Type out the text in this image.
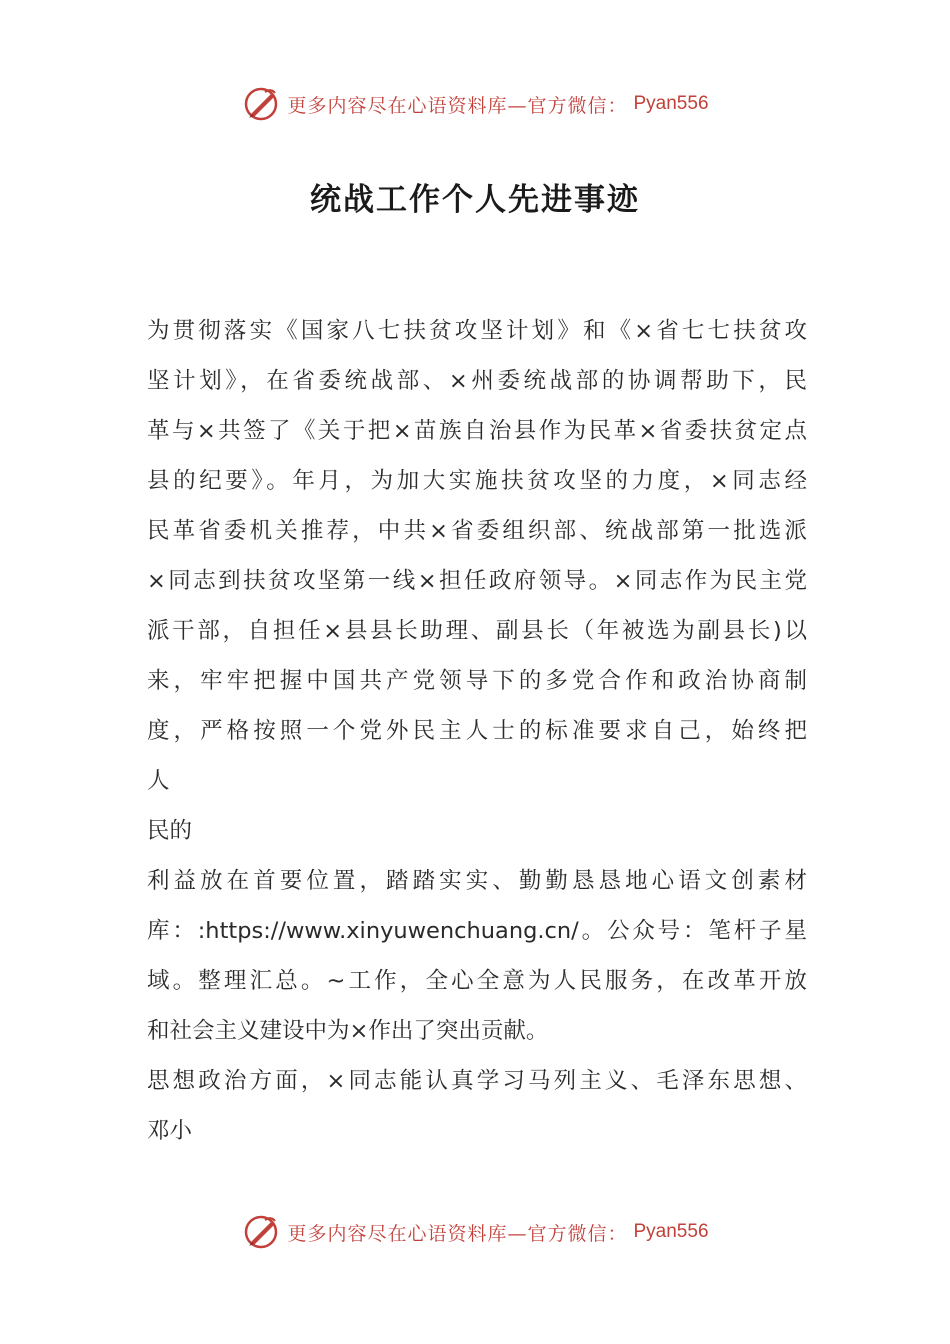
更多内容尽在心语资料库—官方微信： Pyan556
统战工作个人先进事迹
为贯彻落实《国家八七扶贫攻坚计划》和《×省七七扶贫攻
坚计划》，在省委统战部、×州委统战部的协调帮助下，民
革与×共签了《关于把×苗族自治县作为民革×省委扶贫定点
县的纪要》。年月，为加大实施扶贫攻坚的力度，×同志经
民革省委机关推荐，中共×省委组织部、统战部第一批选派
×同志到扶贫攻坚第一线×担任政府领导。×同志作为民主党
派干部，自担任×县县长助理、副县长（年被选为副县长)以
来，牢牢把握中国共产党领导下的多党合作和政治协商制
度，严格按照一个党外民主人士的标准要求自己，始终把
人
民的
利益放在首要位置，踏踏实实、勤勤恳恳地心语文创素材
库：:https://www.xinyuwenchuang.cn/。公众号：笔杆子星
域。整理汇总。~工作，全心全意为人民服务，在改革开放
和社会主义建设中为×作出了突出贡献。
思想政治方面，×同志能认真学习马列主义、毛泽东思想、
邓小
更多内容尽在心语资料库—官方微信： Pyan556
